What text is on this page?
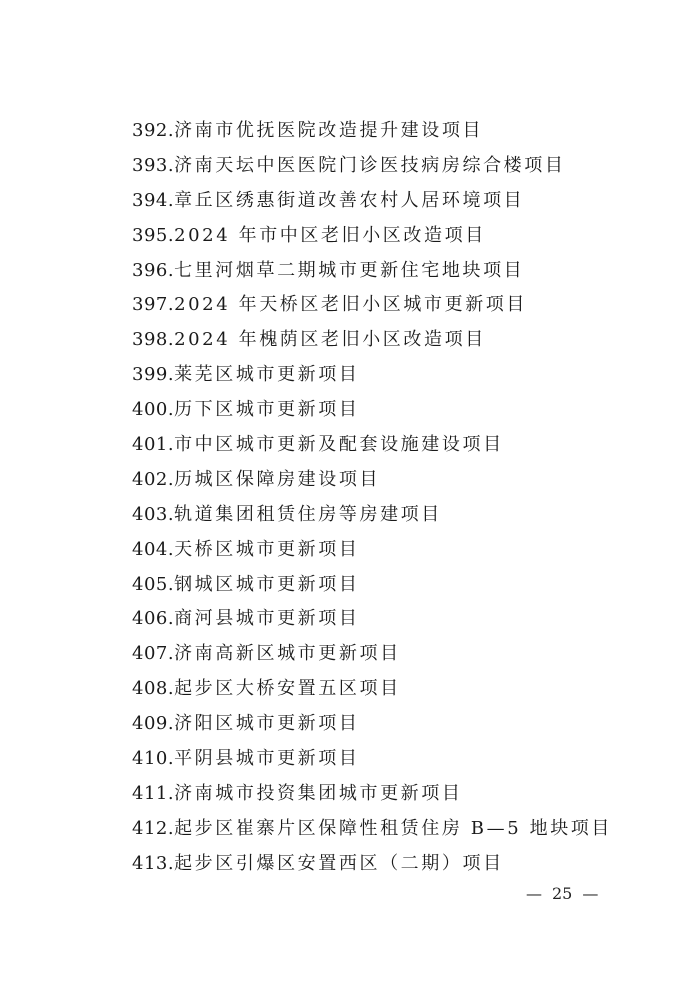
392.济南市优抚医院改造提升建设项目
393.济南天坛中医医院门诊医技病房综合楼项目
394.章丘区绣惠街道改善农村人居环境项目
395.2024 年市中区老旧小区改造项目
396.七里河烟草二期城市更新住宅地块项目
397.2024 年天桥区老旧小区城市更新项目
398.2024 年槐荫区老旧小区改造项目
399.莱芜区城市更新项目
400.历下区城市更新项目
401.市中区城市更新及配套设施建设项目
402.历城区保障房建设项目
403.轨道集团租赁住房等房建项目
404.天桥区城市更新项目
405.钢城区城市更新项目
406.商河县城市更新项目
407.济南高新区城市更新项目
408.起步区大桥安置五区项目
409.济阳区城市更新项目
410.平阴县城市更新项目
411.济南城市投资集团城市更新项目
412.起步区崔寨片区保障性租赁住房 B—5 地块项目
413.起步区引爆区安置西区（二期）项目
— 25 —
